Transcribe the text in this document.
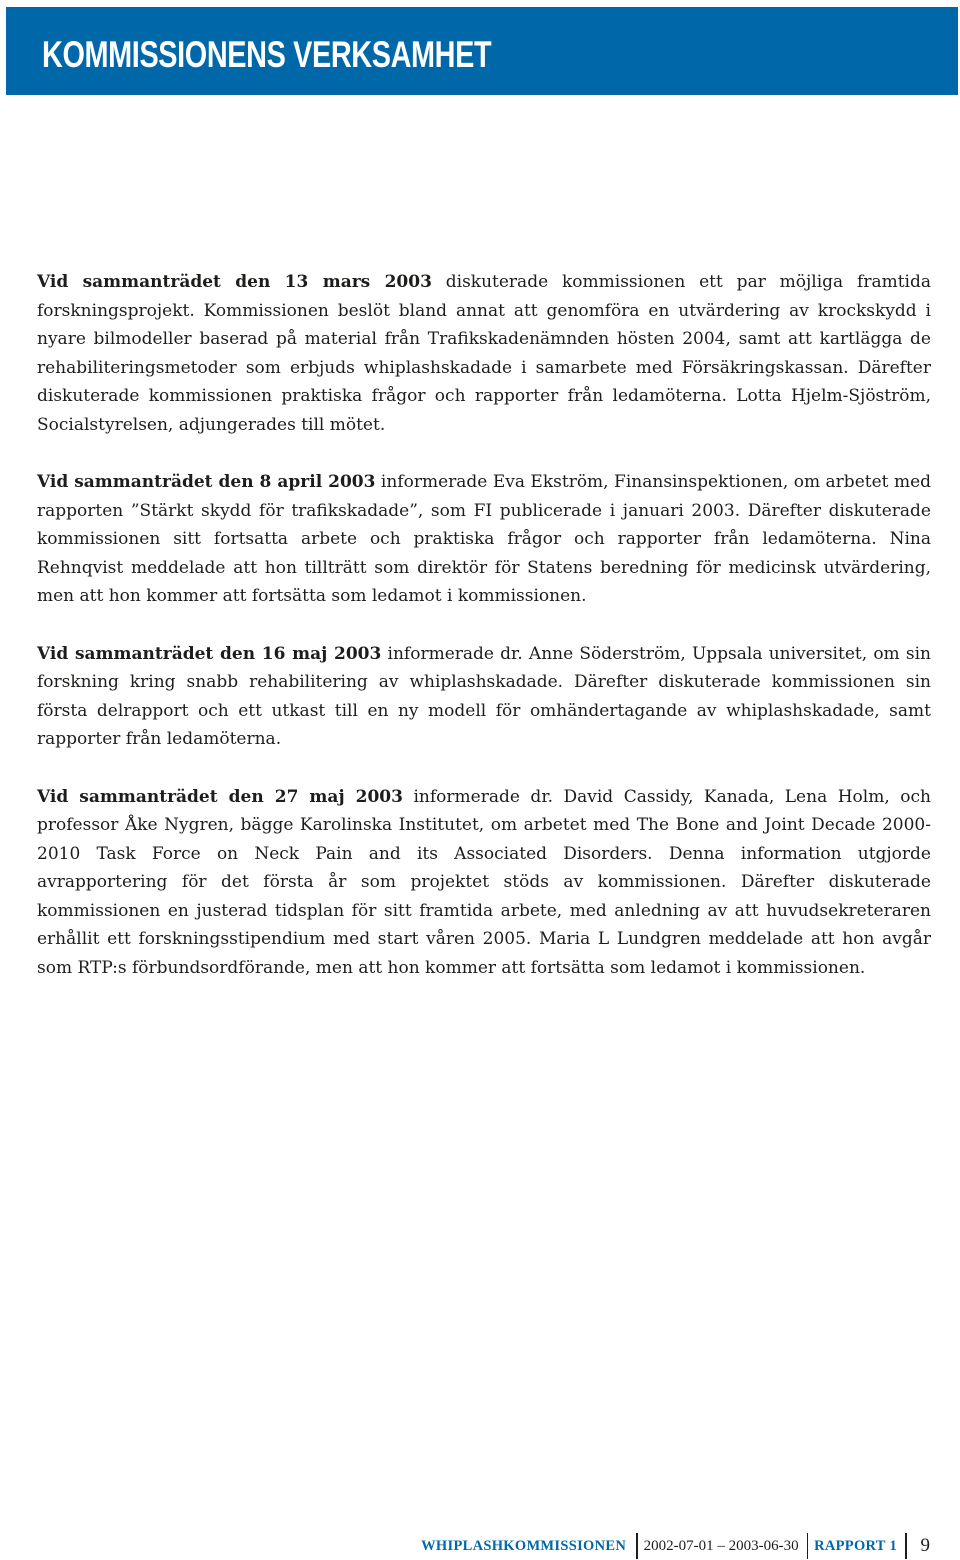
KOMMISSIONENS VERKSAMHET

Vid sammanträdet den 13 mars 2003 diskuterade kommissionen ett par möjliga framtida forskningsprojekt. Kommissionen beslöt bland annat att genomföra en utvärdering av krockskydd i nyare bilmodeller baserad på material från Trafikskadenämnden hösten 2004, samt att kartlägga de rehabiliteringsmetoder som erbjuds whiplashskadade i samarbete med Försäkringskassan. Därefter diskuterade kommissionen praktiska frågor och rapporter från ledamöterna. Lotta Hjelm-Sjöström, Socialstyrelsen, adjungerades till mötet.

Vid sammanträdet den 8 april 2003 informerade Eva Ekström, Finansinspektionen, om arbetet med rapporten ”Stärkt skydd för trafikskadade”, som FI publicerade i januari 2003. Därefter diskuterade kommissionen sitt fortsatta arbete och praktiska frågor och rapporter från ledamöterna. Nina Rehnqvist meddelade att hon tillträtt som direktör för Statens beredning för medicinsk utvärdering, men att hon kommer att fortsätta som ledamot i kommissionen.

Vid sammanträdet den 16 maj 2003 informerade dr. Anne Söderström, Uppsala universitet, om sin forskning kring snabb rehabilitering av whiplashskadade. Därefter diskuterade kommissionen sin första delrapport och ett utkast till en ny modell för omhändertagande av whiplashskadade, samt rapporter från ledamöterna.

Vid sammanträdet den 27 maj 2003 informerade dr. David Cassidy, Kanada, Lena Holm, och professor Åke Nygren, bägge Karolinska Institutet, om arbetet med The Bone and Joint Decade 2000-2010 Task Force on Neck Pain and its Associated Disorders. Denna information utgjorde avrapportering för det första år som projektet stöds av kommissionen. Därefter diskuterade kommissionen en justerad tidsplan för sitt framtida arbete, med anledning av att huvudsekreteraren erhållit ett forskningsstipendium med start våren 2005. Maria L Lundgren meddelade att hon avgår som RTP:s förbundsordförande, men att hon kommer att fortsätta som ledamot i kommissionen.

WHIPLASHKOMMISSIONEN	2002-07-01 – 2003-06-30	RAPPORT 1	9
